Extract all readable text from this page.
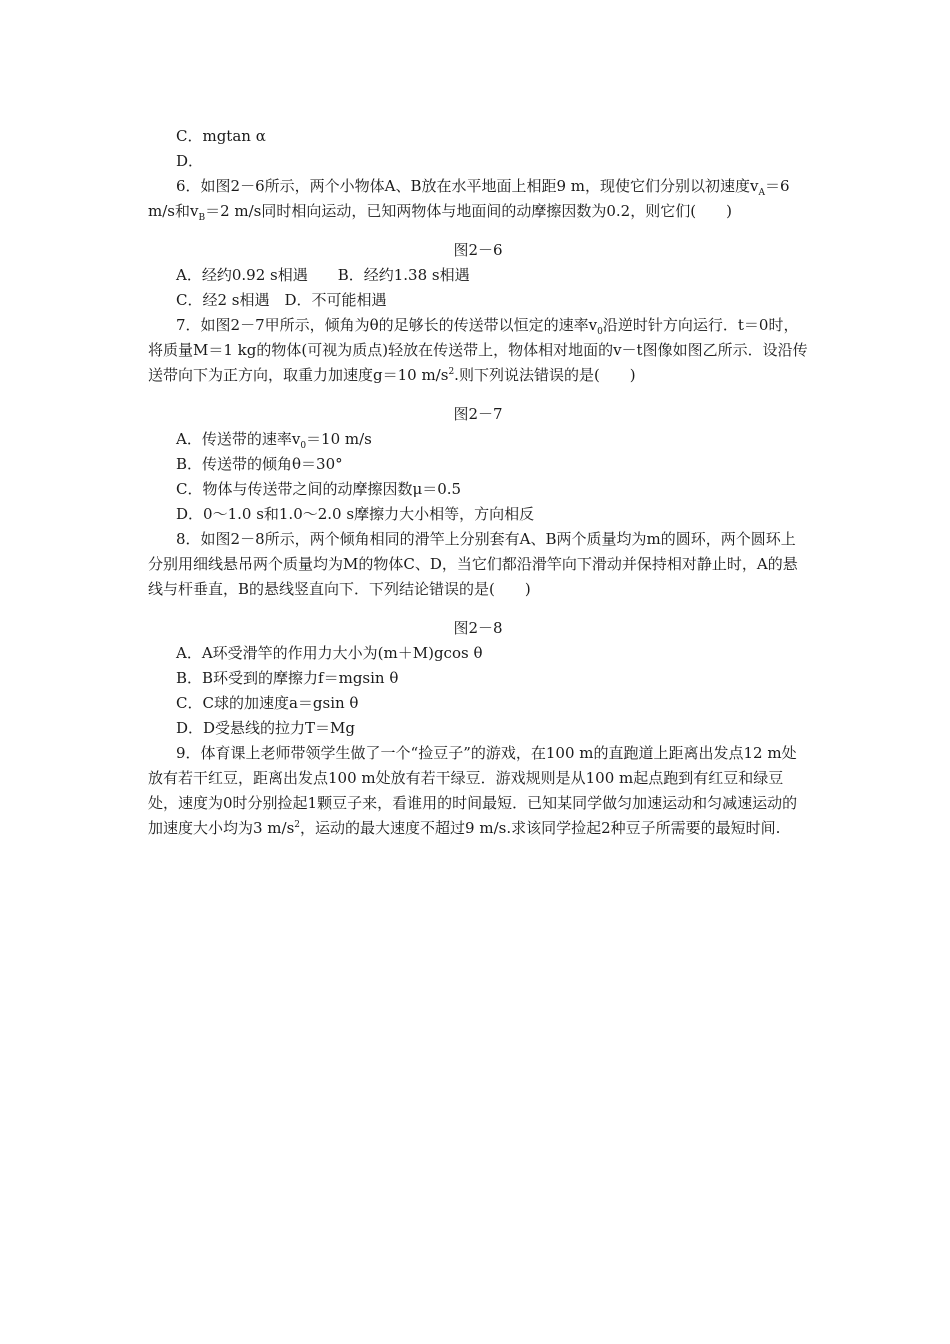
C．mgtan α

D．

6．如图2－6所示，两个小物体A、B放在水平地面上相距9 m，现使它们分别以初速度$v_A=6$ m/s和$v_B=2$ m/s同时相向运动，已知两物体与地面间的动摩擦因数为0.2，则它们(　　)

图2－6

A．经约0.92 s相遇　　 B．经约1.38 s相遇

C．经2 s相遇　 D．不可能相遇

7．如图2－7甲所示，倾角为θ的足够长的传送带以恒定的速率$v_0$沿逆时针方向运行．t＝0时，将质量M＝1 kg的物体(可视为质点)轻放在传送带上，物体相对地面的v－t图像如图乙所示．设沿传送带向下为正方向，取重力加速度g＝10 $m/s^2$.则下列说法错误的是(　　)

图2－7

A．传送带的速率$v_0=10$ m/s

B．传送带的倾角θ＝30°

C．物体与传送带之间的动摩擦因数μ＝0.5

D．0～1.0 s和1.0～2.0 s摩擦力大小相等，方向相反

8．如图2－8所示，两个倾角相同的滑竿上分别套有A、B两个质量均为m的圆环，两个圆环上分别用细线悬吊两个质量均为M的物体C、D，当它们都沿滑竿向下滑动并保持相对静止时，A的悬线与杆垂直，B的悬线竖直向下．下列结论错误的是(　　)

图2－8

A．A环受滑竿的作用力大小为(m＋M)gcos θ

B．B环受到的摩擦力f＝mgsin θ

C．C球的加速度a＝gsin θ

D．D受悬线的拉力T＝Mg

9．体育课上老师带领学生做了一个“捡豆子”的游戏，在100 m的直跑道上距离出发点12 m处放有若干红豆，距离出发点100 m处放有若干绿豆．游戏规则是从100 m起点跑到有红豆和绿豆处，速度为0时分别捡起1颗豆子来，看谁用的时间最短．已知某同学做匀加速运动和匀减速运动的加速度大小均为3 $m/s^2$，运动的最大速度不超过9 m/s.求该同学捡起2种豆子所需要的最短时间.
